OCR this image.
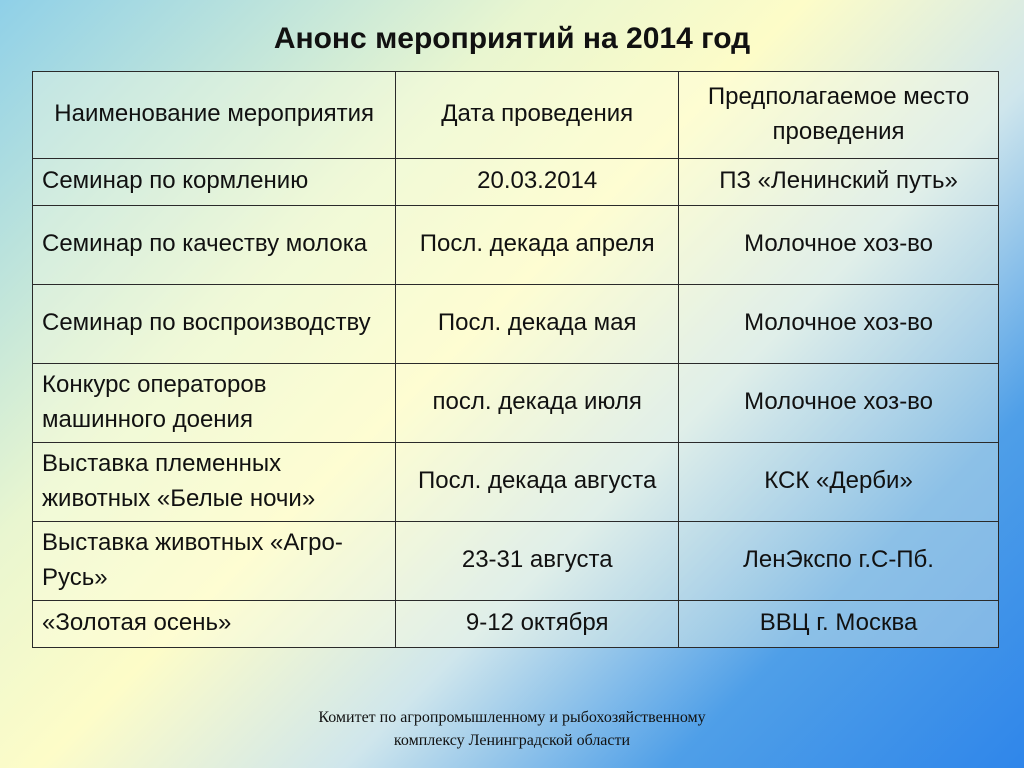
Анонс мероприятий на 2014 год
Наименование мероприятия	Дата проведения	Предполагаемое место проведения
Семинар по кормлению	20.03.2014	ПЗ «Ленинский путь»
Семинар по качеству молока	Посл. декада апреля	Молочное хоз-во
Семинар по воспроизводству	Посл. декада мая	Молочное хоз-во
Конкурс операторов машинного доения	посл. декада июля	Молочное хоз-во
Выставка племенных животных «Белые ночи»	Посл. декада августа	КСК «Дерби»
Выставка животных «Агро-Русь»	23-31 августа	ЛенЭкспо г.С-Пб.
«Золотая осень»	9-12 октября	ВВЦ г. Москва
Комитет по агропромышленному и рыбохозяйственному комплексу Ленинградской области
